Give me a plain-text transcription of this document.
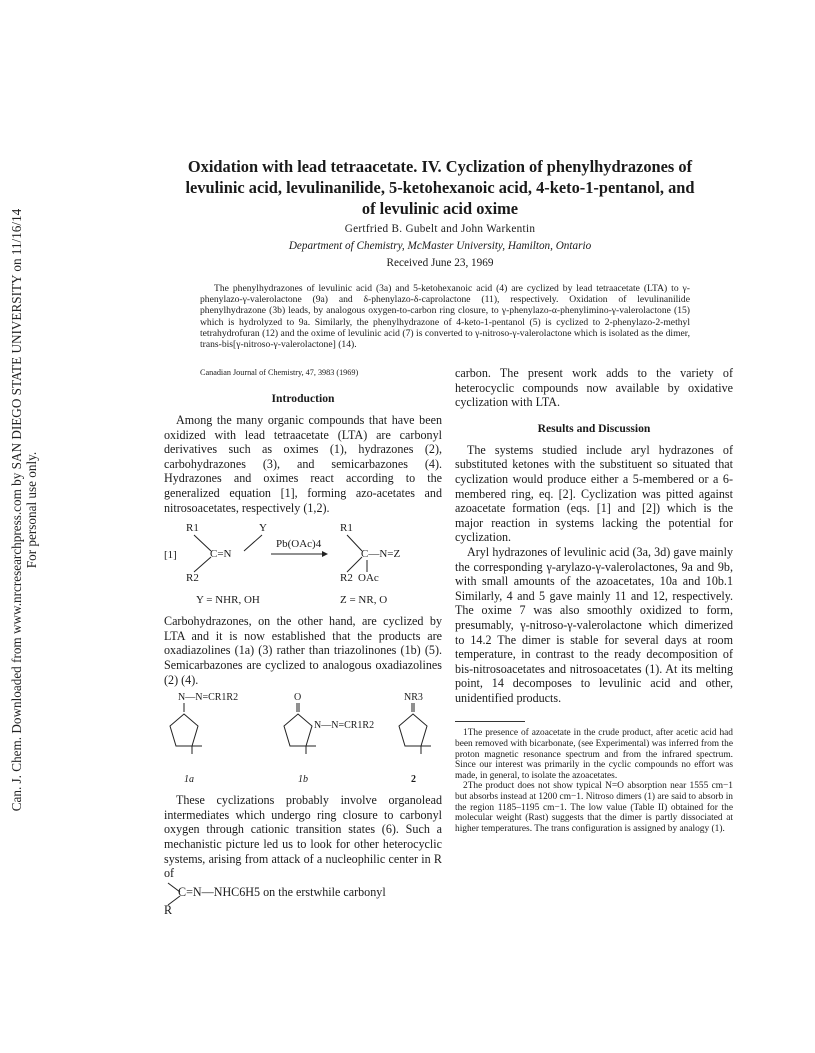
Can. J. Chem. Downloaded from www.nrcresearchpress.com by SAN DIEGO STATE UNIVERSITY on 11/16/14 For personal use only.
Oxidation with lead tetraacetate. IV. Cyclization of phenylhydrazones of levulinic acid, levulinanilide, 5-ketohexanoic acid, 4-keto-1-pentanol, and of levulinic acid oxime
Gertfried B. Gubelt and John Warkentin
Department of Chemistry, McMaster University, Hamilton, Ontario
Received June 23, 1969

The phenylhydrazones of levulinic acid (3a) and 5-ketohexanoic acid (4) are cyclized by lead tetraacetate (LTA) to γ-phenylazo-γ-valerolactone (9a) and δ-phenylazo-δ-caprolactone (11), respectively. Oxidation of levulinanilide phenylhydrazone (3b) leads, by analogous oxygen-to-carbon ring closure, to γ-phenylazo-α-phenylimino-γ-valerolactone (15) which is hydrolyzed to 9a. Similarly, the phenylhydrazone of 4-keto-1-pentanol (5) is cyclized to 2-phenylazo-2-methyl tetrahydrofuran (12) and the oxime of levulinic acid (7) is converted to γ-nitroso-γ-valerolactone which is isolated as the dimer, trans-bis[γ-nitroso-γ-valerolactone] (14).

Canadian Journal of Chemistry, 47, 3983 (1969)
Introduction

Among the many organic compounds that have been oxidized with lead tetraacetate (LTA) are carbonyl derivatives such as oximes (1), hydrazones (2), carbohydrazones (3), and semicarbazones (4). Hydrazones and oximes react according to the generalized equation [1], forming azo-acetates and nitrosoacetates, respectively (1,2).

[1]
R1	Y
C=N
R2
Pb(OAc)4
R1
C—N=Z
R2 OAc
Y = NHR, OH	Z = NR, O

Carbohydrazones, on the other hand, are cyclized by LTA and it is now established that the products are oxadiazolines (1a) (3) rather than triazolinones (1b) (5). Semicarbazones are cyclized to analogous oxadiazolines (2) (4).

N—N=CR1R2	O
N—N=CR1R2
NR3
1a	1b	2

These cyclizations probably involve organolead intermediates which undergo ring closure to carbonyl oxygen through cationic transition states (6). Such a mechanistic picture led us to look for other heterocyclic systems, arising from attack of a nucleophilic center in R of

C=N—NHC6H5 on the erstwhile carbonyl
R

carbon. The present work adds to the variety of heterocyclic compounds now available by oxidative cyclization with LTA.

Results and Discussion

The systems studied include aryl hydrazones of substituted ketones with the substituent so situated that cyclization would produce either a 5-membered or a 6-membered ring, eq. [2]. Cyclization was pitted against azoacetate formation (eqs. [1] and [2]) which is the major reaction in systems lacking the potential for cyclization.

Aryl hydrazones of levulinic acid (3a, 3d) gave mainly the corresponding γ-arylazo-γ-valerolactones, 9a and 9b, with small amounts of the azoacetates, 10a and 10b.1 Similarly, 4 and 5 gave mainly 11 and 12, respectively. The oxime 7 was also smoothly oxidized to form, presumably, γ-nitroso-γ-valerolactone which dimerized to 14.2 The dimer is stable for several days at room temperature, in contrast to the ready decomposition of bis-nitrosoacetates and nitrosoacetates (1). At its melting point, 14 decomposes to levulinic acid and other, unidentified products.

1The presence of azoacetate in the crude product, after acetic acid had been removed with bicarbonate, (see Experimental) was inferred from the proton magnetic resonance spectrum and from the infrared spectrum. Since our interest was primarily in the cyclic compounds no effort was made, in general, to isolate the azoacetates.

2The product does not show typical N=O absorption near 1555 cm−1 but absorbs instead at 1200 cm−1. Nitroso dimers (1) are said to absorb in the region 1185–1195 cm−1. The low value (Table II) obtained for the molecular weight (Rast) suggests that the dimer is partly dissociated at higher temperatures. The trans configuration is assigned by analogy (1).
